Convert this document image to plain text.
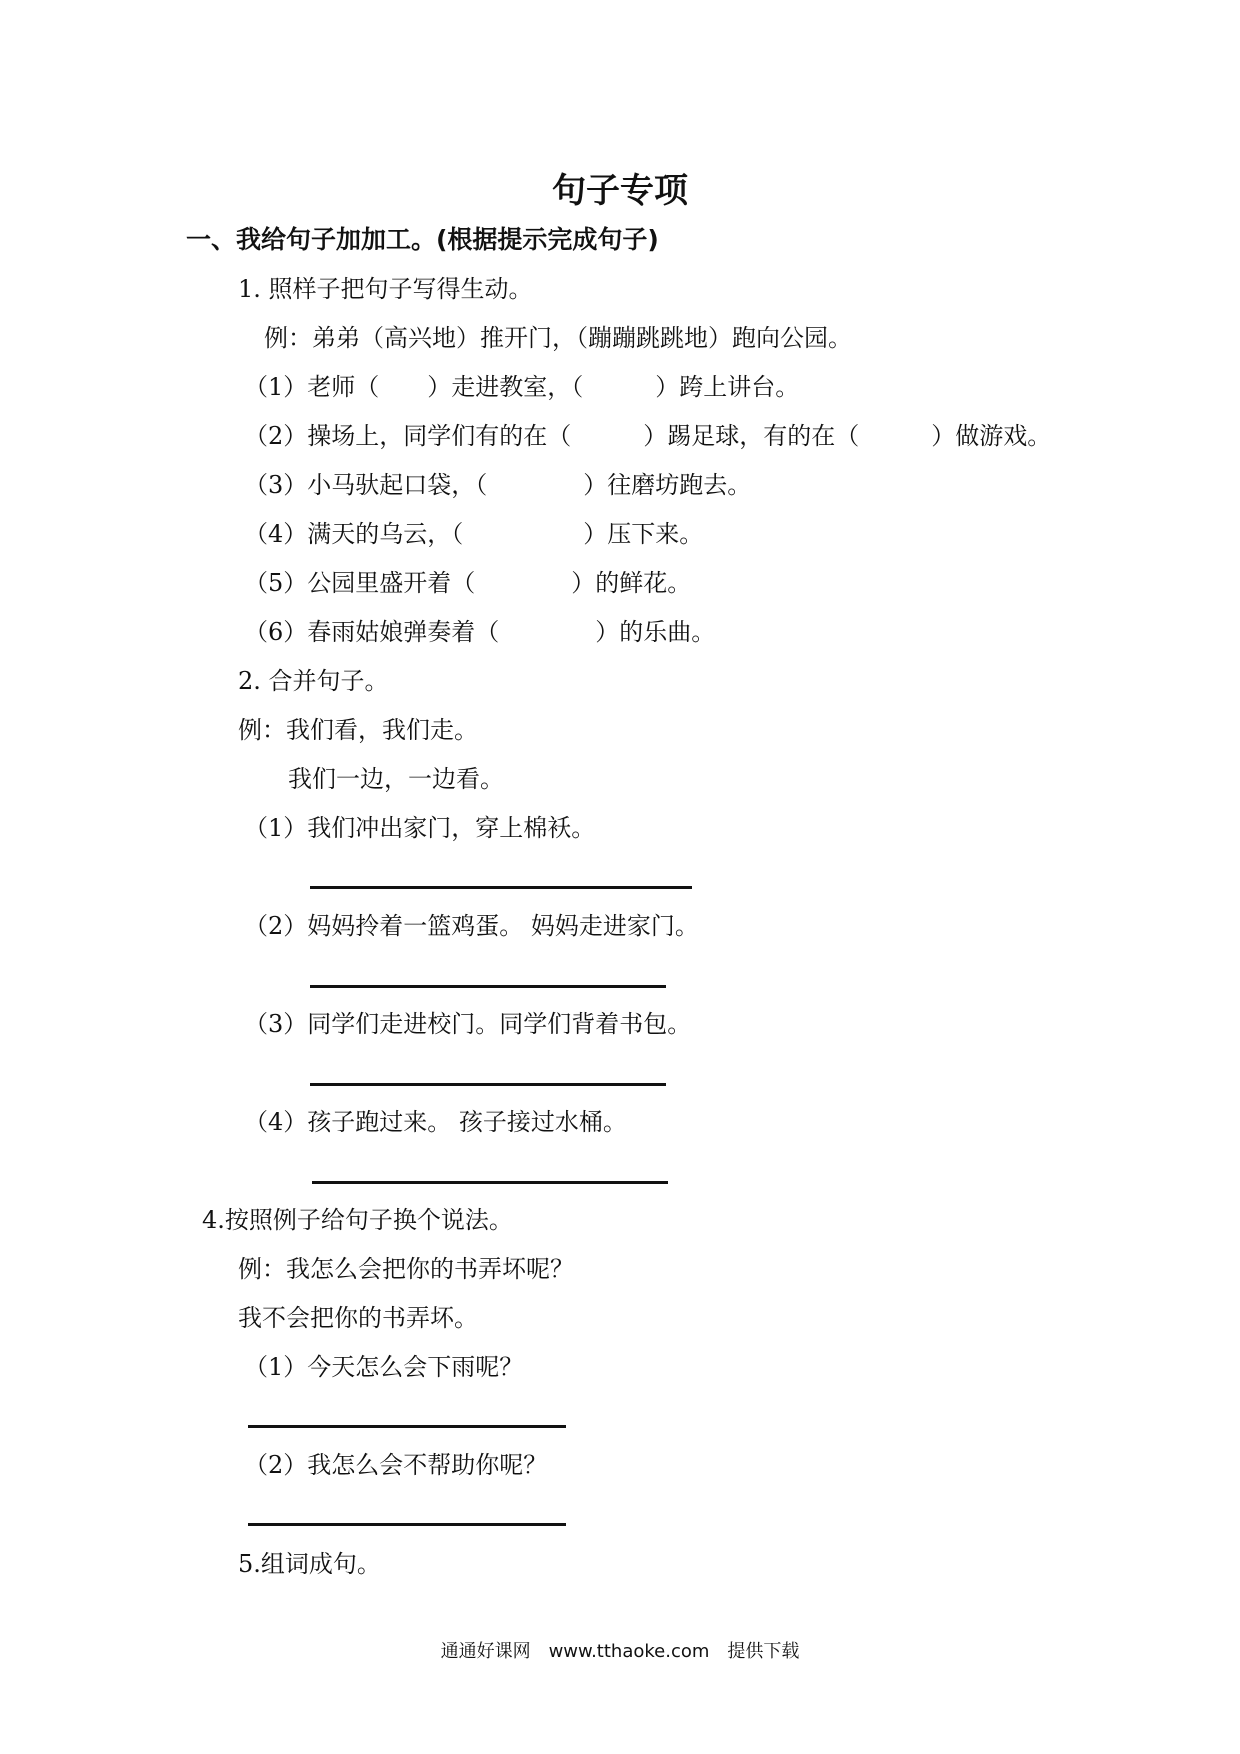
句子专项
一、我给句子加加工。(根据提示完成句子)
1. 照样子把句子写得生动。
例：弟弟（高兴地）推开门，（蹦蹦跳跳地）跑向公园。
（1）老师（　　）走进教室，（　　　）跨上讲台。
（2）操场上，同学们有的在（　　　）踢足球，有的在（　　　）做游戏。
（3）小马驮起口袋，（　　　　）往磨坊跑去。
（4）满天的乌云，（　　　　　）压下来。
（5）公园里盛开着（　　　　）的鲜花。
（6）春雨姑娘弹奏着（　　　　）的乐曲。
2. 合并句子。
例：我们看，我们走。
我们一边，一边看。
（1）我们冲出家门，穿上棉袄。
（2）妈妈拎着一篮鸡蛋。 妈妈走进家门。
（3）同学们走进校门。同学们背着书包。
（4）孩子跑过来。 孩子接过水桶。
4.按照例子给句子换个说法。
例：我怎么会把你的书弄坏呢？
我不会把你的书弄坏。
（1）今天怎么会下雨呢？
（2）我怎么会不帮助你呢？
5.组词成句。
通通好课网　www.tthaoke.com　提供下载
